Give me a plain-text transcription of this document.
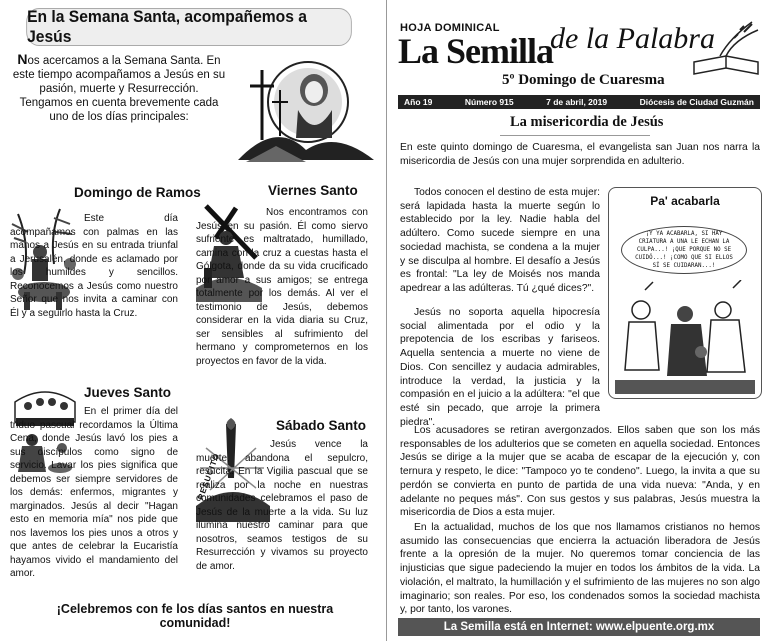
En la Semana Santa, acompañemos a Jesús
Nos acercamos a la Semana Santa. En este tiempo acompañamos a Jesús en su pasión, muerte y Resurrección. Tengamos en cuenta brevemente cada uno de los días principales:
Domingo de Ramos
Este día acompañamos con palmas en las manos a Jesús en su entrada triunfal a Jerusalén, donde es aclamado por los humildes y sencillos. Reconocemos a Jesús como nuestro Señor que nos invita a caminar con Él y a seguirlo hasta la Cruz.
Viernes Santo
Nos encontramos con Jesús en su pasión. Él como siervo sufriente es maltratado, humillado, camina con la cruz a cuestas hasta el Gólgota, donde da su vida crucificado por amor a sus amigos; se entrega totalmente por los demás. Al ver el testimonio de Jesús, debemos considerar en la vida diaria su Cruz, ser sensibles al sufrimiento del hermano y comprometernos en los proyectos en favor de la vida.
Jueves Santo
En el primer día del triduo pascual recordamos la Última Cena, donde Jesús lavó los pies a sus discípulos como signo de servicio. Lavar los pies significa que debemos ser siempre servidores de los demás: enfermos, migrantes y marginados. Jesús al decir "Hagan esto en memoria mía" nos pide que nos lavemos los pies unos a otros y que antes de celebrar la Eucaristía hayamos vivido el mandamiento del amor.
Sábado Santo
RESUCITÓ
Jesús vence la muerte, abandona el sepulcro, resucita. En la Vigilia pascual que se realiza por la noche en nuestras comunidades celebramos el paso de Jesús de la muerte a la vida. Su luz ilumina nuestro caminar para que nosotros, seamos testigos de su Resurrección y vivamos su proyecto de amor.
¡Celebremos con fe los días santos en nuestra comunidad!
HOJA DOMINICAL
La Semilla
de la Palabra
5º Domingo de Cuaresma
Año 19	Número 915	7 de abril, 2019	Diócesis de Ciudad Guzmán
La misericordia de Jesús
En este quinto domingo de Cuaresma, el evangelista san Juan nos narra la misericordia de Jesús con una mujer sorprendida en adulterio.
Todos conocen el destino de esta mujer: será lapidada hasta la muerte según lo establecido por la ley. Nadie habla del adúltero. Como sucede siempre en una sociedad machista, se condena a la mujer y se disculpa al hombre. El desafío a Jesús es frontal: "La ley de Moisés nos manda apedrear a las adúlteras. Tú ¿qué dices?".
Jesús no soporta aquella hipocresía social alimentada por el odio y la prepotencia de los escribas y fariseos. Aquella sentencia a muerte no viene de Dios. Con sencillez y audacia admirables, introduce la verdad, la justicia y la compasión en el juicio a la adúltera: "el que esté sin pecado, que arroje la primera piedra".
Pa' acabarla
¡Y YA ACABARLA, SI HAY CRIATURA A UNA LE ECHAN LA CULPA...! ¡QUE PORQUE NO SE CUIDÓ...! ¡COMO QUE SI ELLOS SÍ SE CUIDARAN...!
Los acusadores se retiran avergonzados. Ellos saben que son los más responsables de los adulterios que se cometen en aquella sociedad. Entonces Jesús se dirige a la mujer que se acaba de escapar de la ejecución y, con ternura y respeto, le dice: "Tampoco yo te condeno". Luego, la invita a que su perdón se convierta en punto de partida de una vida nueva: "Anda, y en adelante no peques más". Con sus gestos y sus palabras, Jesús muestra la misericordia de Dios a esta mujer.
En la actualidad, muchos de los que nos llamamos cristianos no hemos asumido las consecuencias que encierra la actuación liberadora de Jesús frente a la opresión de la mujer. No queremos tomar conciencia de las injusticias que sigue padeciendo la mujer en todos los ámbitos de la vida. La violación, el maltrato, la humillación y el sufrimiento de las mujeres no son algo imaginario; son reales. Por eso, los condenados somos la sociedad machista y, por tanto, los varones.
La Semilla está en Internet: www.elpuente.org.mx
